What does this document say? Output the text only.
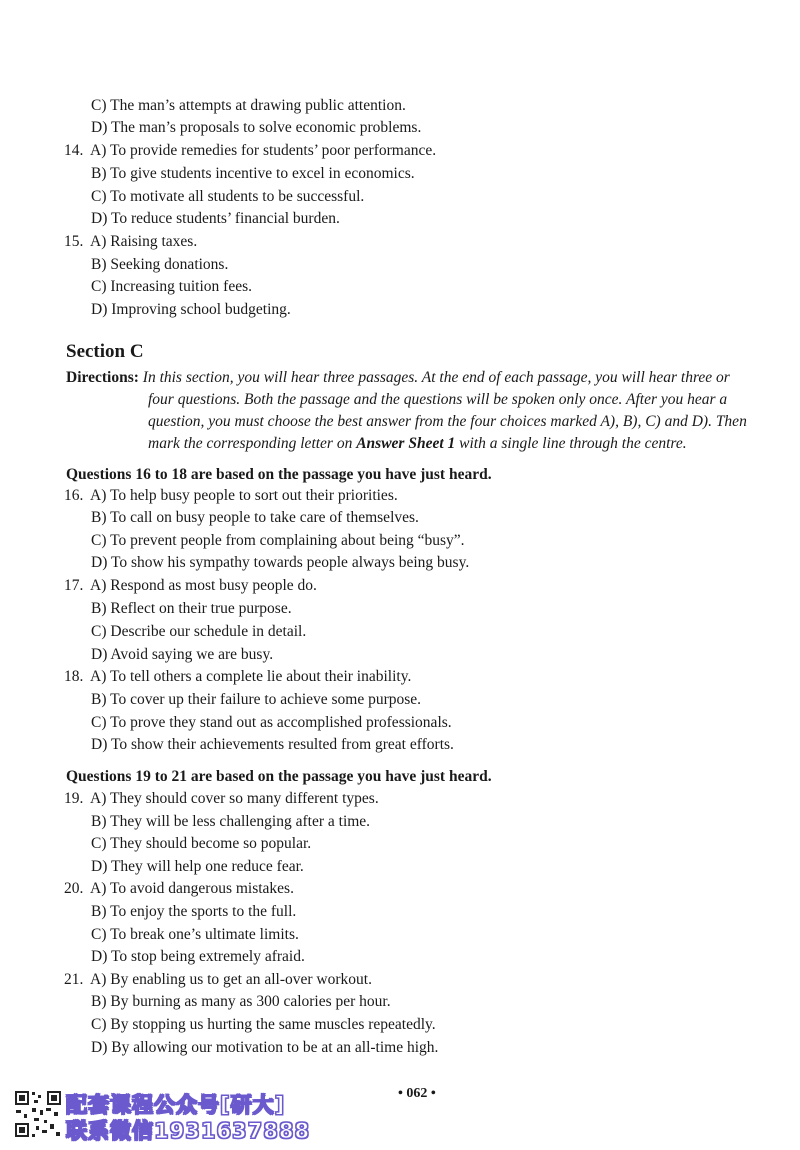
C) The man’s attempts at drawing public attention.
D) The man’s proposals to solve economic problems.
14. A) To provide remedies for students’ poor performance.
B) To give students incentive to excel in economics.
C) To motivate all students to be successful.
D) To reduce students’ financial burden.
15. A) Raising taxes.
B) Seeking donations.
C) Increasing tuition fees.
D) Improving school budgeting.
Questions 16 to 18 are based on the passage you have just heard.
16. A) To help busy people to sort out their priorities.
B) To call on busy people to take care of themselves.
C) To prevent people from complaining about being “busy”.
D) To show his sympathy towards people always being busy.
17. A) Respond as most busy people do.
B) Reflect on their true purpose.
C) Describe our schedule in detail.
D) Avoid saying we are busy.
18. A) To tell others a complete lie about their inability.
B) To cover up their failure to achieve some purpose.
C) To prove they stand out as accomplished professionals.
D) To show their achievements resulted from great efforts.
Questions 19 to 21 are based on the passage you have just heard.
19. A) They should cover so many different types.
B) They will be less challenging after a time.
C) They should become so popular.
D) They will help one reduce fear.
20. A) To avoid dangerous mistakes.
B) To enjoy the sports to the full.
C) To break one’s ultimate limits.
D) To stop being extremely afraid.
21. A) By enabling us to get an all-over workout.
B) By burning as many as 300 calories per hour.
C) By stopping us hurting the same muscles repeatedly.
D) By allowing our motivation to be at an all-time high.
Section C
Directions: In this section, you will hear three passages. At the end of each passage, you will hear three or
four questions. Both the passage and the questions will be spoken only once. After you hear a
question, you must choose the best answer from the four choices marked A), B), C) and D). Then
mark the corresponding letter on Answer Sheet 1 with a single line through the centre.
• 062 •
配套课程公众号[研大]
联系微信1931637888
